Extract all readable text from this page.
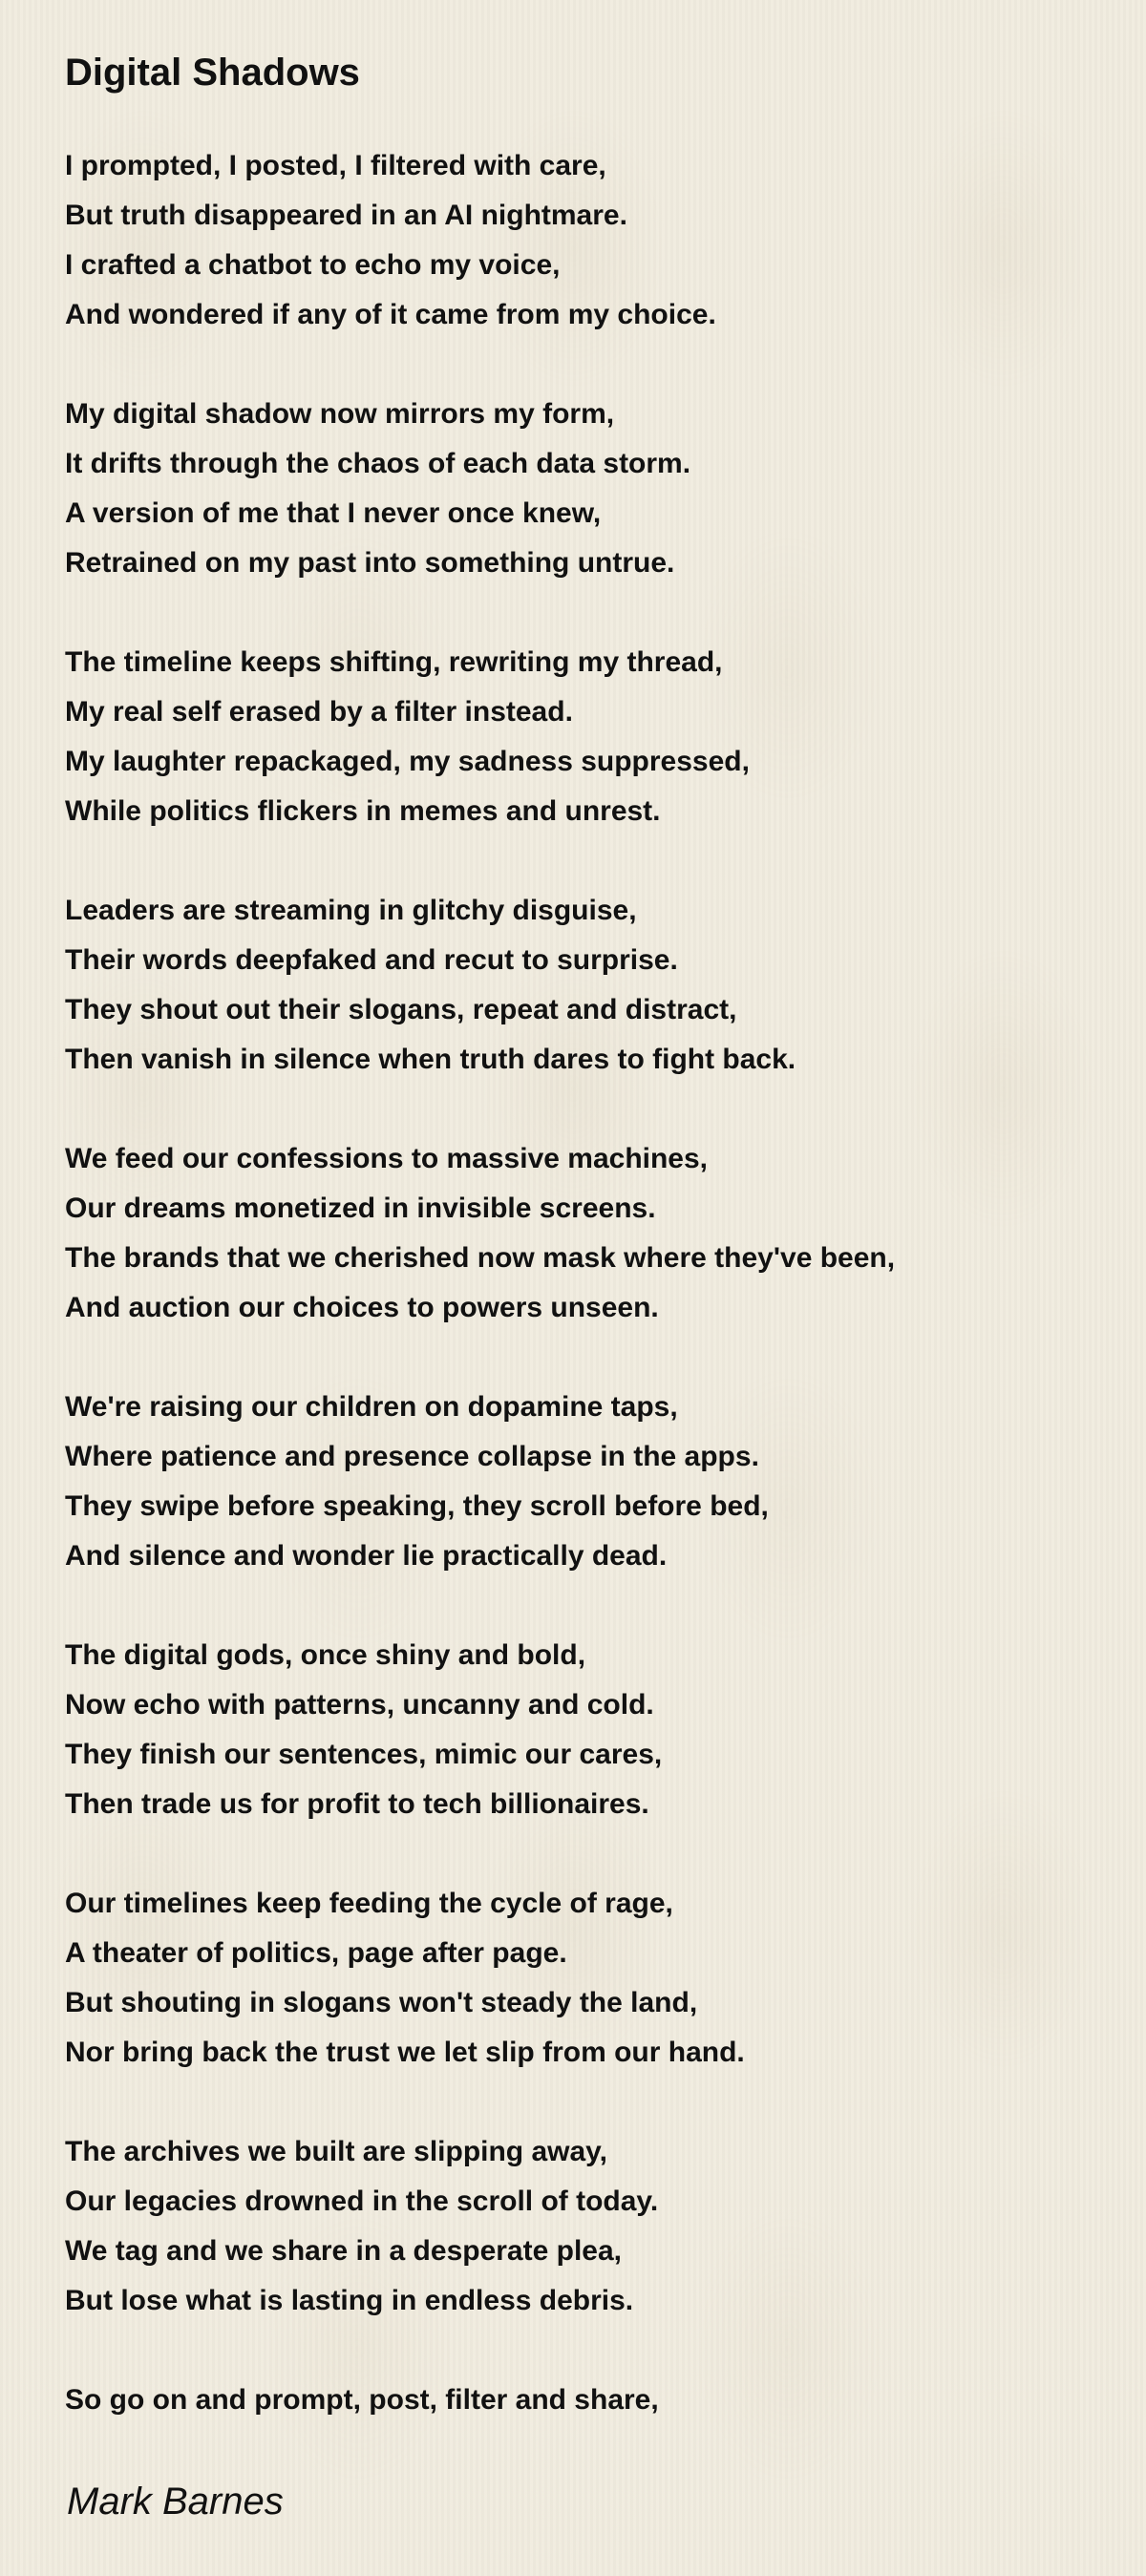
Digital Shadows
I prompted, I posted, I filtered with care,
But truth disappeared in an AI nightmare.
I crafted a chatbot to echo my voice,
And wondered if any of it came from my choice.
My digital shadow now mirrors my form,
It drifts through the chaos of each data storm.
A version of me that I never once knew,
Retrained on my past into something untrue.
The timeline keeps shifting, rewriting my thread,
My real self erased by a filter instead.
My laughter repackaged, my sadness suppressed,
While politics flickers in memes and unrest.
Leaders are streaming in glitchy disguise,
Their words deepfaked and recut to surprise.
They shout out their slogans, repeat and distract,
Then vanish in silence when truth dares to fight back.
We feed our confessions to massive machines,
Our dreams monetized in invisible screens.
The brands that we cherished now mask where they've been,
And auction our choices to powers unseen.
We're raising our children on dopamine taps,
Where patience and presence collapse in the apps.
They swipe before speaking, they scroll before bed,
And silence and wonder lie practically dead.
The digital gods, once shiny and bold,
Now echo with patterns, uncanny and cold.
They finish our sentences, mimic our cares,
Then trade us for profit to tech billionaires.
Our timelines keep feeding the cycle of rage,
A theater of politics, page after page.
But shouting in slogans won't steady the land,
Nor bring back the trust we let slip from our hand.
The archives we built are slipping away,
Our legacies drowned in the scroll of today.
We tag and we share in a desperate plea,
But lose what is lasting in endless debris.
So go on and prompt, post, filter and share,

Mark Barnes
